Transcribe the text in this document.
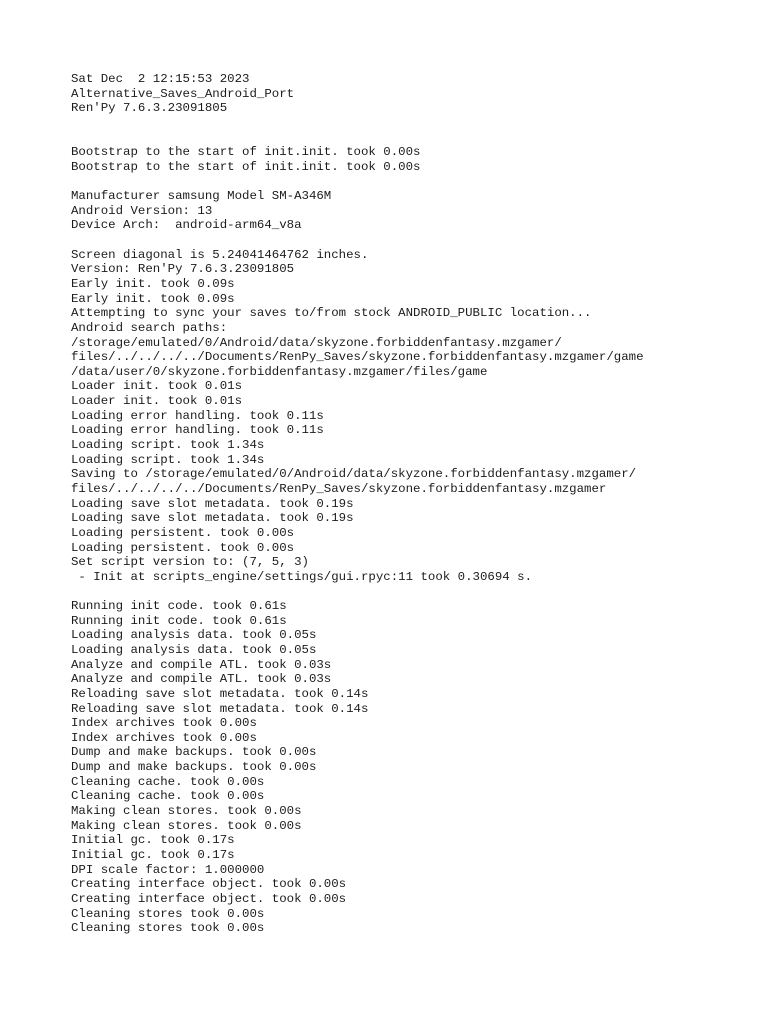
Sat Dec  2 12:15:53 2023
Alternative_Saves_Android_Port
Ren'Py 7.6.3.23091805
Bootstrap to the start of init.init. took 0.00s
Bootstrap to the start of init.init. took 0.00s
Manufacturer samsung Model SM-A346M
Android Version: 13
Device Arch:  android-arm64_v8a
Screen diagonal is 5.24041464762 inches.
Version: Ren'Py 7.6.3.23091805
Early init. took 0.09s
Early init. took 0.09s
Attempting to sync your saves to/from stock ANDROID_PUBLIC location...
Android search paths:
/storage/emulated/0/Android/data/skyzone.forbiddenfantasy.mzgamer/
files/../../../../Documents/RenPy_Saves/skyzone.forbiddenfantasy.mzgamer/game
/data/user/0/skyzone.forbiddenfantasy.mzgamer/files/game
Loader init. took 0.01s
Loader init. took 0.01s
Loading error handling. took 0.11s
Loading error handling. took 0.11s
Loading script. took 1.34s
Loading script. took 1.34s
Saving to /storage/emulated/0/Android/data/skyzone.forbiddenfantasy.mzgamer/
files/../../../../Documents/RenPy_Saves/skyzone.forbiddenfantasy.mzgamer
Loading save slot metadata. took 0.19s
Loading save slot metadata. took 0.19s
Loading persistent. took 0.00s
Loading persistent. took 0.00s
Set script version to: (7, 5, 3)
- Init at scripts_engine/settings/gui.rpyc:11 took 0.30694 s.
Running init code. took 0.61s
Running init code. took 0.61s
Loading analysis data. took 0.05s
Loading analysis data. took 0.05s
Analyze and compile ATL. took 0.03s
Analyze and compile ATL. took 0.03s
Reloading save slot metadata. took 0.14s
Reloading save slot metadata. took 0.14s
Index archives took 0.00s
Index archives took 0.00s
Dump and make backups. took 0.00s
Dump and make backups. took 0.00s
Cleaning cache. took 0.00s
Cleaning cache. took 0.00s
Making clean stores. took 0.00s
Making clean stores. took 0.00s
Initial gc. took 0.17s
Initial gc. took 0.17s
DPI scale factor: 1.000000
Creating interface object. took 0.00s
Creating interface object. took 0.00s
Cleaning stores took 0.00s
Cleaning stores took 0.00s
